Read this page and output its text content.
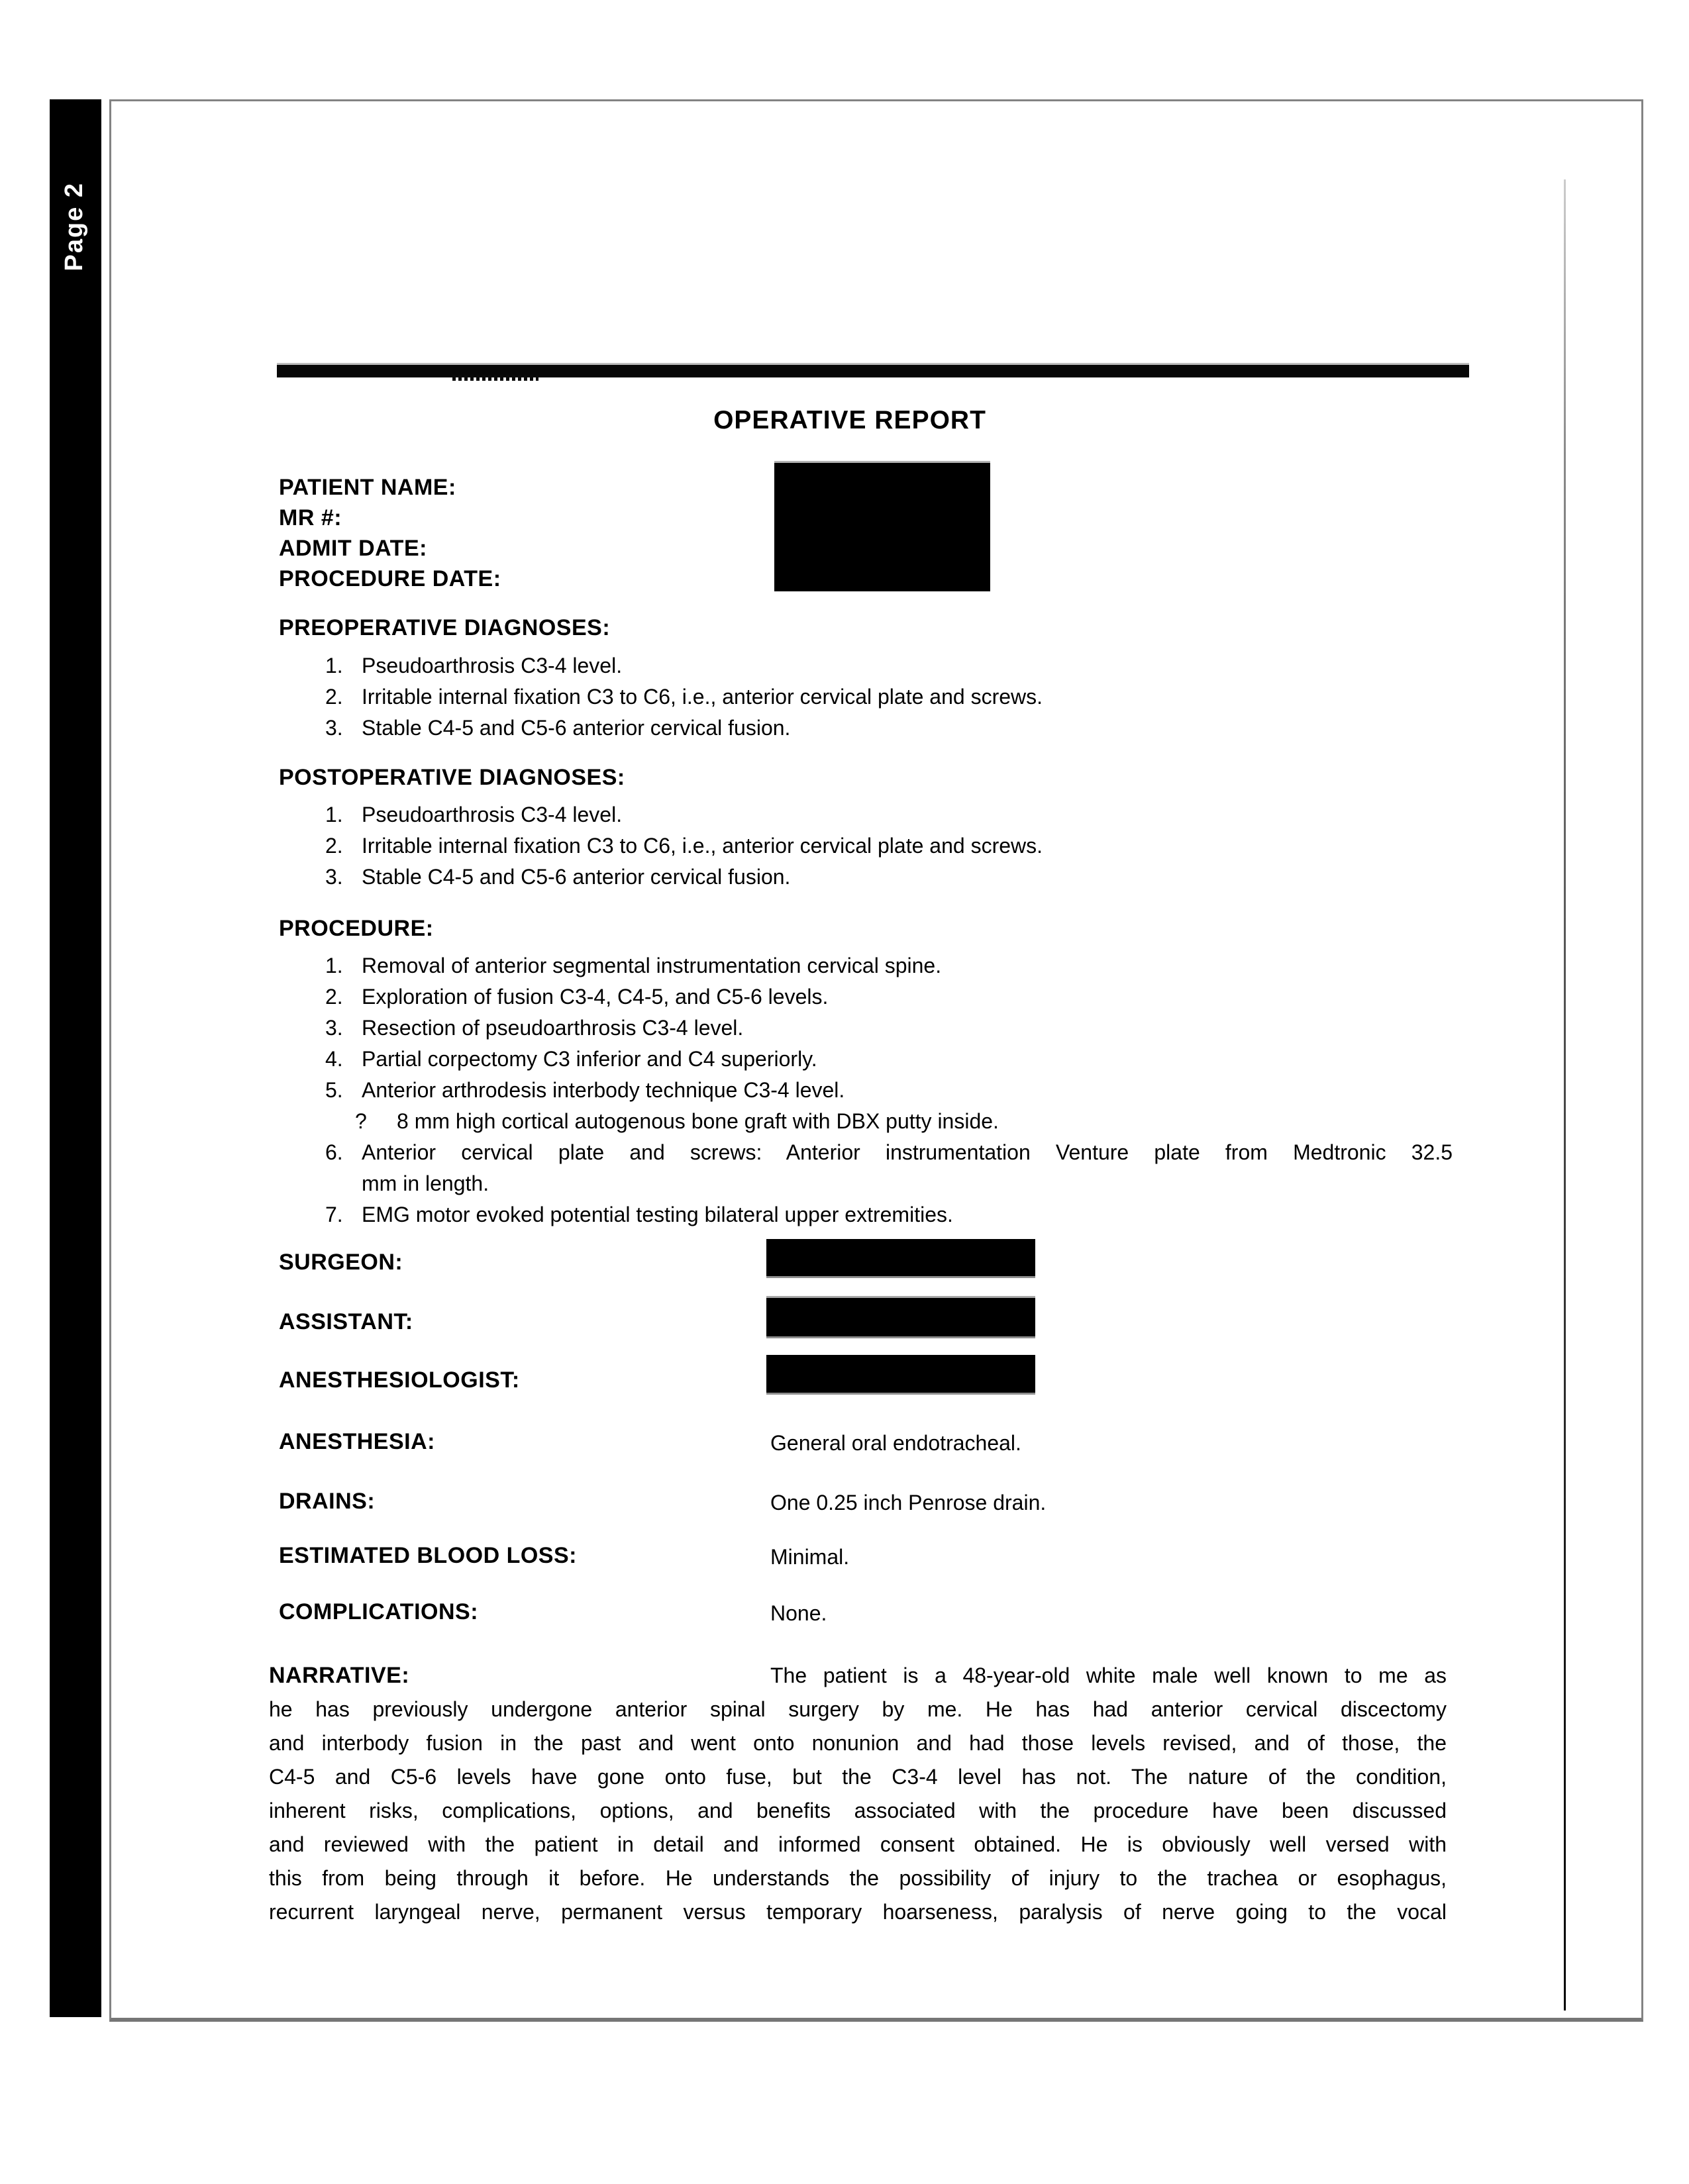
Page 2
OPERATIVE REPORT
PATIENT NAME:
MR #:
ADMIT DATE:
PROCEDURE DATE:
PREOPERATIVE DIAGNOSES:
1. Pseudoarthrosis C3-4 level.
2. Irritable internal fixation C3 to C6, i.e., anterior cervical plate and screws.
3. Stable C4-5 and C5-6 anterior cervical fusion.
POSTOPERATIVE DIAGNOSES:
1. Pseudoarthrosis C3-4 level.
2. Irritable internal fixation C3 to C6, i.e., anterior cervical plate and screws.
3. Stable C4-5 and C5-6 anterior cervical fusion.
PROCEDURE:
1. Removal of anterior segmental instrumentation cervical spine.
2. Exploration of fusion C3-4, C4-5, and C5-6 levels.
3. Resection of pseudoarthrosis C3-4 level.
4. Partial corpectomy C3 inferior and C4 superiorly.
5. Anterior arthrodesis interbody technique C3-4 level.
? 8 mm high cortical autogenous bone graft with DBX putty inside.
6. Anterior cervical plate and screws: Anterior instrumentation Venture plate from Medtronic 32.5
mm in length.
7. EMG motor evoked potential testing bilateral upper extremities.
SURGEON:
ASSISTANT:
ANESTHESIOLOGIST:
ANESTHESIA:	General oral endotracheal.
DRAINS:	One 0.25 inch Penrose drain.
ESTIMATED BLOOD LOSS:	Minimal.
COMPLICATIONS:	None.
NARRATIVE:	The patient is a 48-year-old white male well known to me as
he has previously undergone anterior spinal surgery by me. He has had anterior cervical discectomy
and interbody fusion in the past and went onto nonunion and had those levels revised, and of those, the
C4-5 and C5-6 levels have gone onto fuse, but the C3-4 level has not. The nature of the condition,
inherent risks, complications, options, and benefits associated with the procedure have been discussed
and reviewed with the patient in detail and informed consent obtained. He is obviously well versed with
this from being through it before. He understands the possibility of injury to the trachea or esophagus,
recurrent laryngeal nerve, permanent versus temporary hoarseness, paralysis of nerve going to the vocal
